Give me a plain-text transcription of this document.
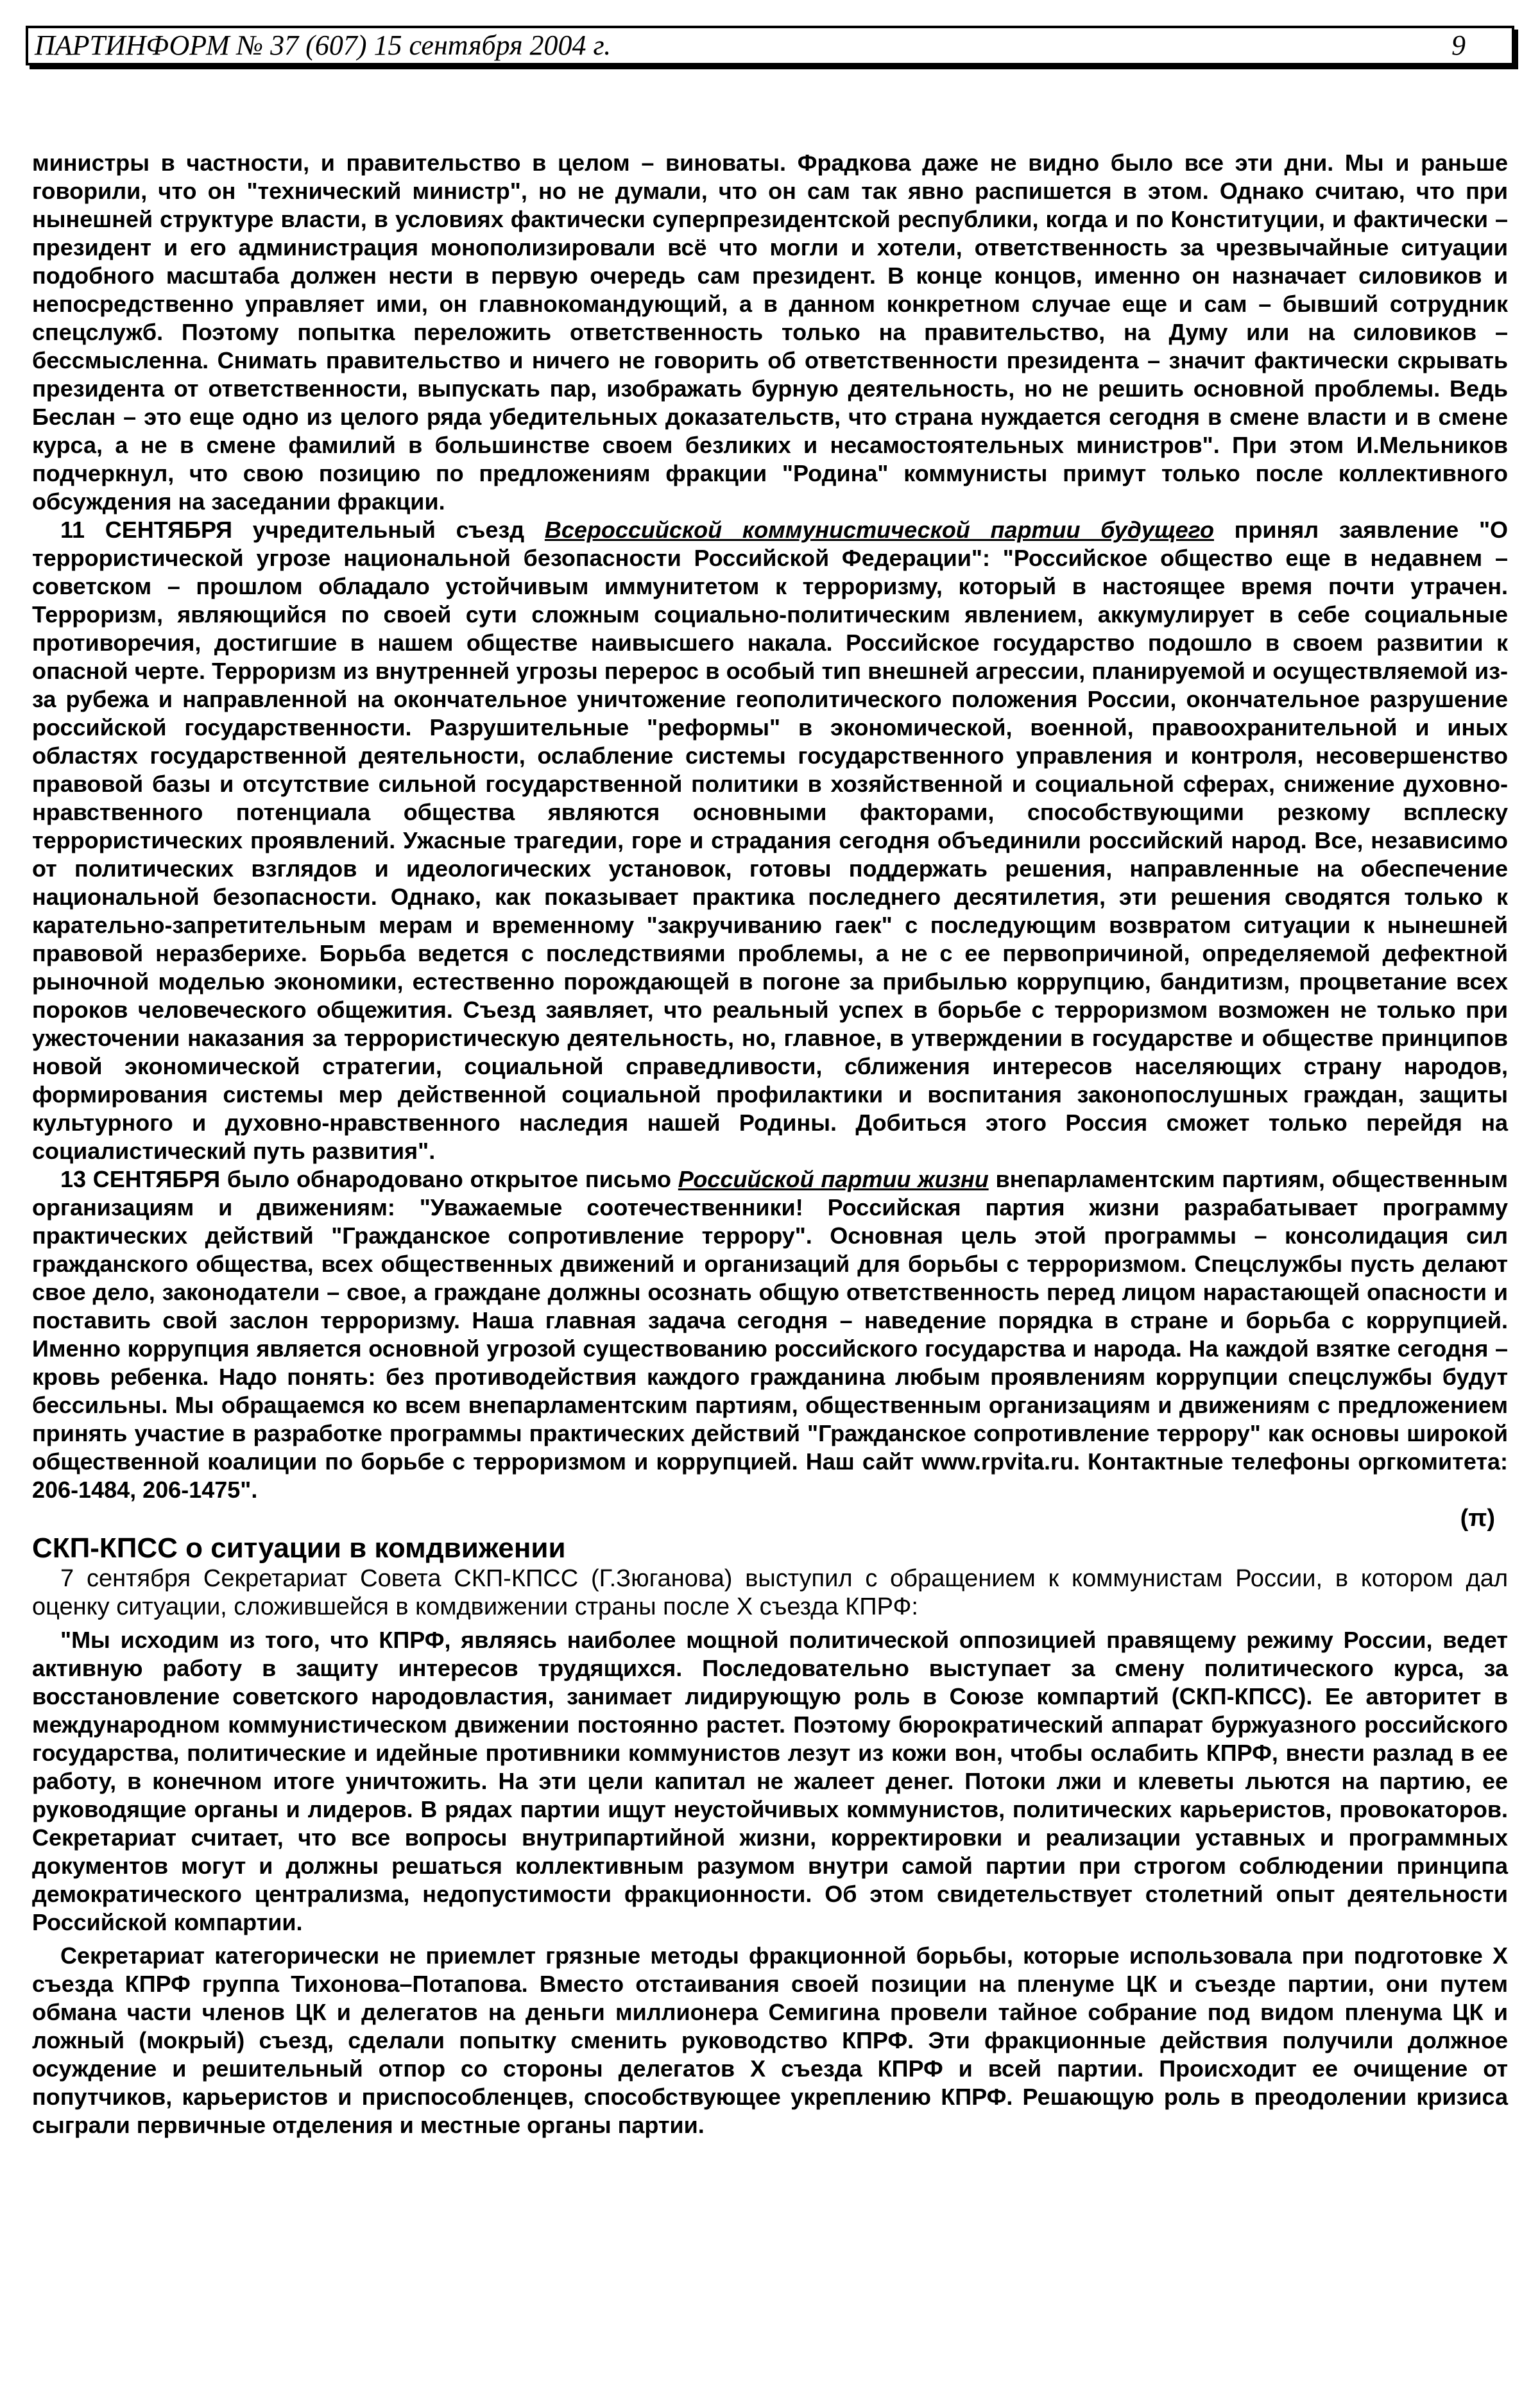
ПАРТИНФОРМ № 37 (607) 15 сентября 2004 г.	9

министры в частности, и правительство в целом – виноваты. Фрадкова даже не видно было все эти дни. Мы и раньше говорили, что он "технический министр", но не думали, что он сам так явно распишется в этом. Однако считаю, что при нынешней структуре власти, в условиях фактически суперпрезидентской республики, когда и по Конституции, и фактически – президент и его администрация монополизировали всё что могли и хотели, ответственность за чрезвычайные ситуации подобного масштаба должен нести в первую очередь сам президент. В конце концов, именно он назначает силовиков и непосредственно управляет ими, он главнокомандующий, а в данном конкретном случае еще и сам – бывший сотрудник спецслужб. Поэтому попытка переложить ответственность только на правительство, на Думу или на силовиков – бессмысленна. Снимать правительство и ничего не говорить об ответственности президента – значит фактически скрывать президента от ответственности, выпускать пар, изображать бурную деятельность, но не решить основной проблемы. Ведь Беслан – это еще одно из целого ряда убедительных доказательств, что страна нуждается сегодня в смене власти и в смене курса, а не в смене фамилий в большинстве своем безликих и несамостоятельных министров". При этом И.Мельников подчеркнул, что свою позицию по предложениям фракции "Родина" коммунисты примут только после коллективного обсуждения на заседании фракции.

11 СЕНТЯБРЯ учредительный съезд Всероссийской коммунистической партии будущего принял заявление "О террористической угрозе национальной безопасности Российской Федерации": "Российское общество еще в недавнем – советском – прошлом обладало устойчивым иммунитетом к терроризму, который в настоящее время почти утрачен. Терроризм, являющийся по своей сути сложным социально-политическим явлением, аккумулирует в себе социальные противоречия, достигшие в нашем обществе наивысшего накала. Российское государство подошло в своем развитии к опасной черте. Терроризм из внутренней угрозы перерос в особый тип внешней агрессии, планируемой и осуществляемой из-за рубежа и направленной на окончательное уничтожение геополитического положения России, окончательное разрушение российской государственности. Разрушительные "реформы" в экономической, военной, правоохранительной и иных областях государственной деятельности, ослабление системы государственного управления и контроля, несовершенство правовой базы и отсутствие сильной государственной политики в хозяйственной и социальной сферах, снижение духовно-нравственного потенциала общества являются основными факторами, способствующими резкому всплеску террористических проявлений. Ужасные трагедии, горе и страдания сегодня объединили российский народ. Все, независимо от политических взглядов и идеологических установок, готовы поддержать решения, направленные на обеспечение национальной безопасности. Однако, как показывает практика последнего десятилетия, эти решения сводятся только к карательно-запретительным мерам и временному "закручиванию гаек" с последующим возвратом ситуации к нынешней правовой неразберихе. Борьба ведется с последствиями проблемы, а не с ее первопричиной, определяемой дефектной рыночной моделью экономики, естественно порождающей в погоне за прибылью коррупцию, бандитизм, процветание всех пороков человеческого общежития. Съезд заявляет, что реальный успех в борьбе с терроризмом возможен не только при ужесточении наказания за террористическую деятельность, но, главное, в утверждении в государстве и обществе принципов новой экономической стратегии, социальной справедливости, сближения интересов населяющих страну народов, формирования системы мер действенной социальной профилактики и воспитания законопослушных граждан, защиты культурного и духовно-нравственного наследия нашей Родины. Добиться этого Россия сможет только перейдя на социалистический путь развития".

13 СЕНТЯБРЯ было обнародовано открытое письмо Российской партии жизни внепарламентским партиям, общественным организациям и движениям: "Уважаемые соотечественники! Российская партия жизни разрабатывает программу практических действий "Гражданское сопротивление террору". Основная цель этой программы – консолидация сил гражданского общества, всех общественных движений и организаций для борьбы с терроризмом. Спецслужбы пусть делают свое дело, законодатели – свое, а граждане должны осознать общую ответственность перед лицом нарастающей опасности и поставить свой заслон терроризму. Наша главная задача сегодня – наведение порядка в стране и борьба с коррупцией. Именно коррупция является основной угрозой существованию российского государства и народа. На каждой взятке сегодня – кровь ребенка. Надо понять: без противодействия каждого гражданина любым проявлениям коррупции спецслужбы будут бессильны. Мы обращаемся ко всем внепарламентским партиям, общественным организациям и движениям с предложением принять участие в разработке программы практических действий "Гражданское сопротивление террору" как основы широкой общественной коалиции по борьбе с терроризмом и коррупцией. Наш сайт www.rpvita.ru. Контактные телефоны оргкомитета: 206-1484, 206-1475".

(π)

СКП-КПСС о ситуации в комдвижении

7 сентября Секретариат Совета СКП-КПСС (Г.Зюганова) выступил с обращением к коммунистам России, в котором дал оценку ситуации, сложившейся в комдвижении страны после X съезда КПРФ:

"Мы исходим из того, что КПРФ, являясь наиболее мощной политической оппозицией правящему режиму России, ведет активную работу в защиту интересов трудящихся. Последовательно выступает за смену политического курса, за восстановление советского народовластия, занимает лидирующую роль в Союзе компартий (СКП-КПСС). Ее авторитет в международном коммунистическом движении постоянно растет. Поэтому бюрократический аппарат буржуазного российского государства, политические и идейные противники коммунистов лезут из кожи вон, чтобы ослабить КПРФ, внести разлад в ее работу, в конечном итоге уничтожить. На эти цели капитал не жалеет денег. Потоки лжи и клеветы льются на партию, ее руководящие органы и лидеров. В рядах партии ищут неустойчивых коммунистов, политических карьеристов, провокаторов. Секретариат считает, что все вопросы внутрипартийной жизни, корректировки и реализации уставных и программных документов могут и должны решаться коллективным разумом внутри самой партии при строгом соблюдении принципа демократического централизма, недопустимости фракционности. Об этом свидетельствует столетний опыт деятельности Российской компартии.

Секретариат категорически не приемлет грязные методы фракционной борьбы, которые использовала при подготовке X съезда КПРФ группа Тихонова–Потапова. Вместо отстаивания своей позиции на пленуме ЦК и съезде партии, они путем обмана части членов ЦК и делегатов на деньги миллионера Семигина провели тайное собрание под видом пленума ЦК и ложный (мокрый) съезд, сделали попытку сменить руководство КПРФ. Эти фракционные действия получили должное осуждение и решительный отпор со стороны делегатов X съезда КПРФ и всей партии. Происходит ее очищение от попутчиков, карьеристов и приспособленцев, способствующее укреплению КПРФ. Решающую роль в преодолении кризиса сыграли первичные отделения и местные органы партии.
